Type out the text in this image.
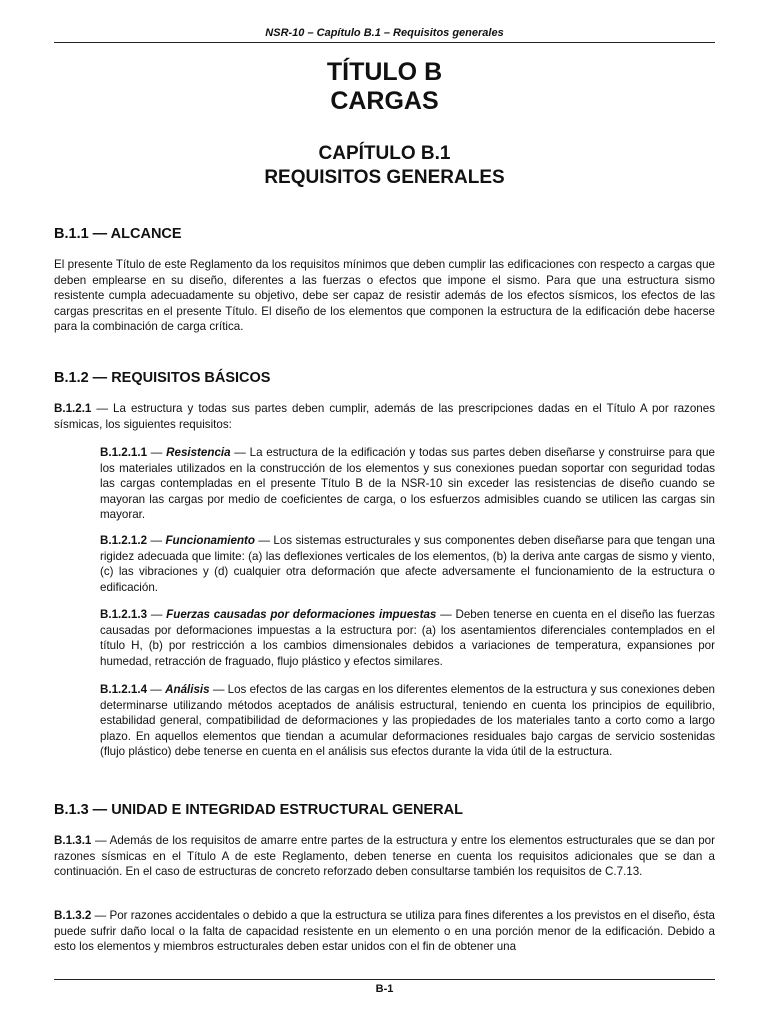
NSR-10 – Capítulo B.1 – Requisitos generales
TÍTULO B
CARGAS
CAPÍTULO B.1
REQUISITOS GENERALES
B.1.1 — ALCANCE

El presente Título de este Reglamento da los requisitos mínimos que deben cumplir las edificaciones con respecto a cargas que deben emplearse en su diseño, diferentes a las fuerzas o efectos que impone el sismo. Para que una estructura sismo resistente cumpla adecuadamente su objetivo, debe ser capaz de resistir además de los efectos sísmicos, los efectos de las cargas prescritas en el presente Título. El diseño de los elementos que componen la estructura de la edificación debe hacerse para la combinación de carga crítica.

B.1.2 — REQUISITOS BÁSICOS

B.1.2.1 — La estructura y todas sus partes deben cumplir, además de las prescripciones dadas en el Título A por razones sísmicas, los siguientes requisitos:

B.1.2.1.1 — Resistencia — La estructura de la edificación y todas sus partes deben diseñarse y construirse para que los materiales utilizados en la construcción de los elementos y sus conexiones puedan soportar con seguridad todas las cargas contempladas en el presente Título B de la NSR-10 sin exceder las resistencias de diseño cuando se mayoran las cargas por medio de coeficientes de carga, o los esfuerzos admisibles cuando se utilicen las cargas sin mayorar.

B.1.2.1.2 — Funcionamiento — Los sistemas estructurales y sus componentes deben diseñarse para que tengan una rigidez adecuada que limite: (a) las deflexiones verticales de los elementos, (b) la deriva ante cargas de sismo y viento, (c) las vibraciones y (d) cualquier otra deformación que afecte adversamente el funcionamiento de la estructura o edificación.

B.1.2.1.3 — Fuerzas causadas por deformaciones impuestas — Deben tenerse en cuenta en el diseño las fuerzas causadas por deformaciones impuestas a la estructura por: (a) los asentamientos diferenciales contemplados en el título H, (b) por restricción a los cambios dimensionales debidos a variaciones de temperatura, expansiones por humedad, retracción de fraguado, flujo plástico y efectos similares.

B.1.2.1.4 — Análisis — Los efectos de las cargas en los diferentes elementos de la estructura y sus conexiones deben determinarse utilizando métodos aceptados de análisis estructural, teniendo en cuenta los principios de equilibrio, estabilidad general, compatibilidad de deformaciones y las propiedades de los materiales tanto a corto como a largo plazo. En aquellos elementos que tiendan a acumular deformaciones residuales bajo cargas de servicio sostenidas (flujo plástico) debe tenerse en cuenta en el análisis sus efectos durante la vida útil de la estructura.

B.1.3 — UNIDAD E INTEGRIDAD ESTRUCTURAL GENERAL

B.1.3.1 — Además de los requisitos de amarre entre partes de la estructura y entre los elementos estructurales que se dan por razones sísmicas en el Título A de este Reglamento, deben tenerse en cuenta los requisitos adicionales que se dan a continuación. En el caso de estructuras de concreto reforzado deben consultarse también los requisitos de C.7.13.

B.1.3.2 — Por razones accidentales o debido a que la estructura se utiliza para fines diferentes a los previstos en el diseño, ésta puede sufrir daño local o la falta de capacidad resistente en un elemento o en una porción menor de la edificación. Debido a esto los elementos y miembros estructurales deben estar unidos con el fin de obtener una

B-1
